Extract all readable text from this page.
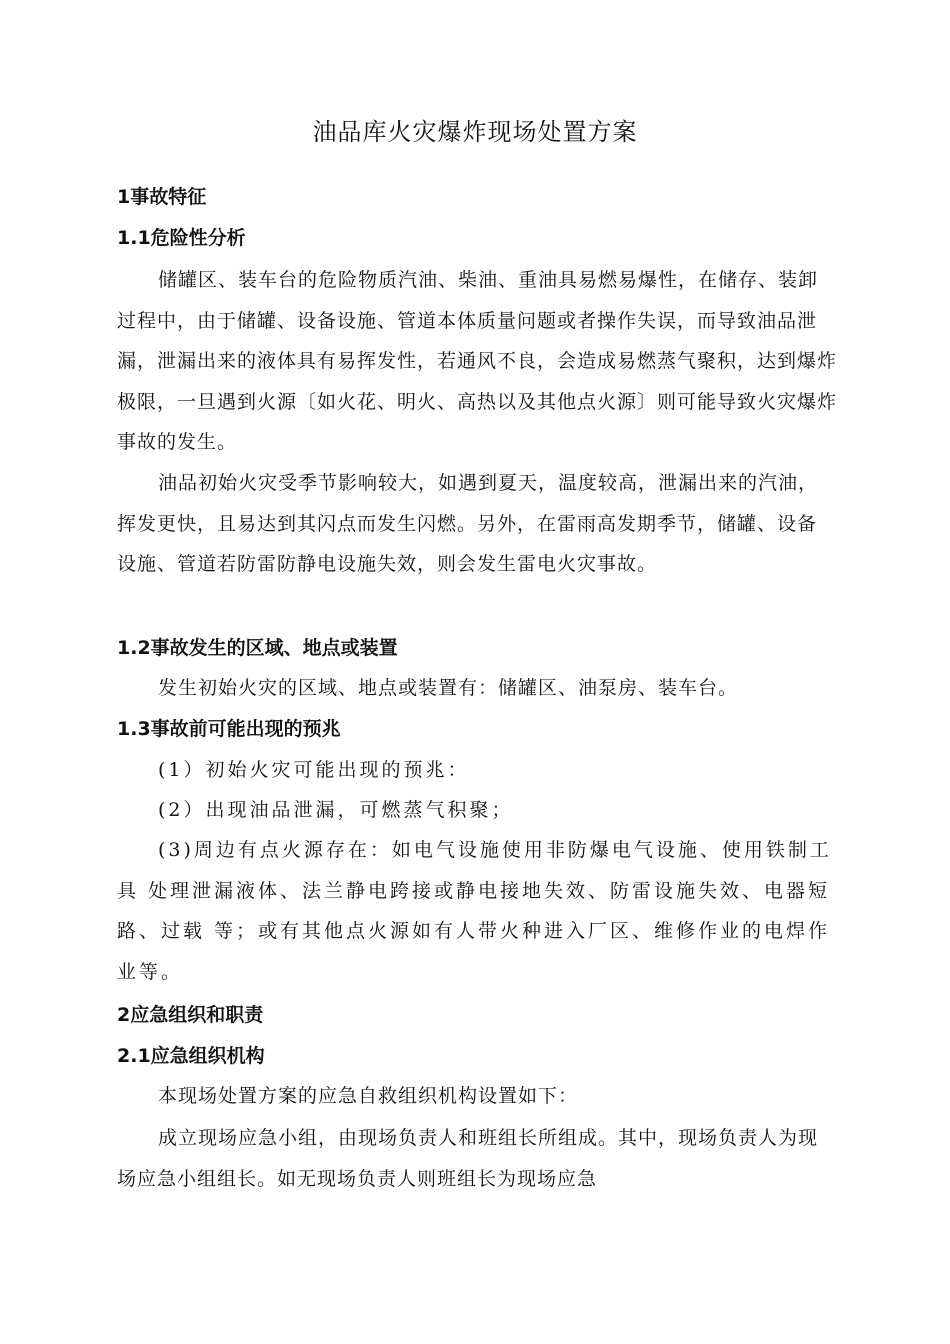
油品库火灾爆炸现场处置方案
1事故特征
1.1危险性分析

储罐区、装车台的危险物质汽油、柴油、重油具易燃易爆性，在储存、装卸 过程中，由于储罐、设备设施、管道本体质量问题或者操作失误，而导致油品泄漏，泄漏出来的液体具有易挥发性，若通风不良，会造成易燃蒸气聚积，达到爆炸极限，一旦遇到火源〔如火花、明火、高热以及其他点火源〕则可能导致火灾爆炸事故的发生。

油品初始火灾受季节影响较大，如遇到夏天，温度较高，泄漏出来的汽油， 挥发更快，且易达到其闪点而发生闪燃。另外，在雷雨高发期季节，储罐、设备 设施、管道若防雷防静电设施失效，则会发生雷电火灾事故。

1.2事故发生的区域、地点或装置

发生初始火灾的区域、地点或装置有：储罐区、油泵房、装车台。

1.3事故前可能出现的预兆

(1）初始火灾可能出现的预兆：

(2）出现油品泄漏，可燃蒸气积聚；

(3)周边有点火源存在：如电气设施使用非防爆电气设施、使用铁制工具 处理泄漏液体、法兰静电跨接或静电接地失效、防雷设施失效、电器短路、过载 等；或有其他点火源如有人带火种进入厂区、维修作业的电焊作业等。

2应急组织和职责
2.1应急组织机构

本现场处置方案的应急自救组织机构设置如下：

成立现场应急小组，由现场负责人和班组长所组成。其中，现场负责人为现 场应急小组组长。如无现场负责人则班组长为现场应急
